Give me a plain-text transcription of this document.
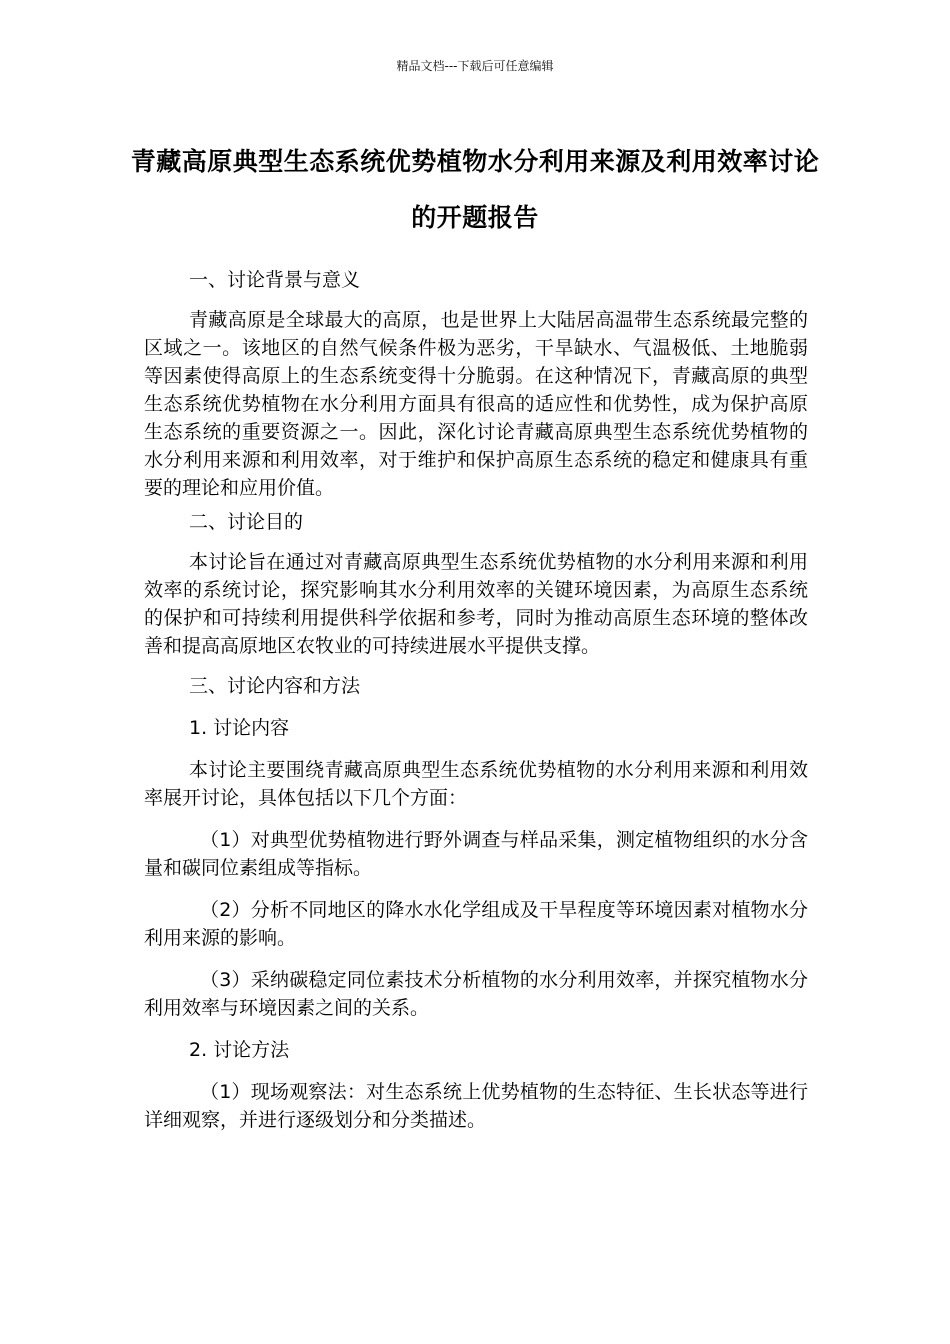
精品文档---下载后可任意编辑
青藏高原典型生态系统优势植物水分利用来源及利用效率讨论的开题报告

一、讨论背景与意义

青藏高原是全球最大的高原，也是世界上大陆居高温带生态系统最完整的区域之一。该地区的自然气候条件极为恶劣，干旱缺水、气温极低、土地脆弱等因素使得高原上的生态系统变得十分脆弱。在这种情况下，青藏高原的典型生态系统优势植物在水分利用方面具有很高的适应性和优势性，成为保护高原生态系统的重要资源之一。因此，深化讨论青藏高原典型生态系统优势植物的水分利用来源和利用效率，对于维护和保护高原生态系统的稳定和健康具有重要的理论和应用价值。

二、讨论目的

本讨论旨在通过对青藏高原典型生态系统优势植物的水分利用来源和利用效率的系统讨论，探究影响其水分利用效率的关键环境因素，为高原生态系统的保护和可持续利用提供科学依据和参考，同时为推动高原生态环境的整体改善和提高高原地区农牧业的可持续进展水平提供支撑。

三、讨论内容和方法

1. 讨论内容

本讨论主要围绕青藏高原典型生态系统优势植物的水分利用来源和利用效率展开讨论，具体包括以下几个方面：

（1）对典型优势植物进行野外调查与样品采集，测定植物组织的水分含量和碳同位素组成等指标。

（2）分析不同地区的降水水化学组成及干旱程度等环境因素对植物水分利用来源的影响。

（3）采纳碳稳定同位素技术分析植物的水分利用效率，并探究植物水分利用效率与环境因素之间的关系。

2. 讨论方法

（1）现场观察法：对生态系统上优势植物的生态特征、生长状态等进行详细观察，并进行逐级划分和分类描述。
